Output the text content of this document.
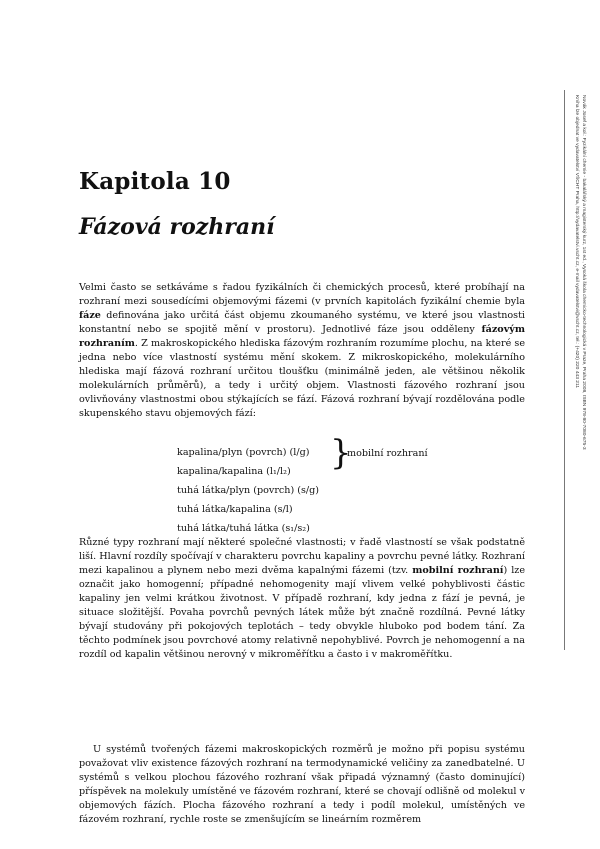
Novák Josef a kol.: Fyzikální chemie - bakalářský a magisterský kurz, 1st ed., Vysoká škola chemicko-technologická v Praze, Praha 2008, ISBN 978-80-7080-675-3
Kniha lze objednat ve vydavatelství VŠCHT Praha, http://vydavatelstvi.vscht.cz, e-mail vydavatelstvi@vscht.cz, tel.: (+420) 220 443 211
Kapitola 10
Fázová rozhraní
Velmi často se setkáváme s řadou fyzikálních či chemických procesů, které probíhají na rozhraní mezi sousedícími objemovými fázemi (v prvních kapitolách fyzikální chemie byla fáze definována jako určitá část objemu zkoumaného systému, ve které jsou vlastnosti konstantní nebo se spojitě mění v prostoru). Jednotlivé fáze jsou odděleny fázovým rozhraním. Z makroskopického hlediska fázovým rozhraním rozumíme plochu, na které se jedna nebo více vlastností systému mění skokem. Z mikroskopického, molekulárního hlediska mají fázová rozhraní určitou tloušťku (minimálně jeden, ale většinou několik molekulárních průměrů), a tedy i určitý objem. Vlastnosti fázového rozhraní jsou ovlivňovány vlastnostmi obou stýkajících se fází. Fázová rozhraní bývají rozdělována podle skupenského stavu objemových fází:
kapalina/plyn (povrch) (l/g)
kapalina/kapalina (l₁/l₂)
tuhá látka/plyn (povrch) (s/g)
tuhá látka/kapalina (s/l)
tuhá látka/tuhá látka (s₁/s₂)
}
mobilní rozhraní
Různé typy rozhraní mají některé společné vlastnosti; v řadě vlastností se však podstatně liší. Hlavní rozdíly spočívají v charakteru povrchu kapaliny a povrchu pevné látky. Rozhraní mezi kapalinou a plynem nebo mezi dvěma kapalnými fázemi (tzv. mobilní rozhraní) lze označit jako homogenní; případné nehomogenity mají vlivem velké pohyblivosti částic kapaliny jen velmi krátkou životnost. V případě rozhraní, kdy jedna z fází je pevná, je situace složitější. Povaha povrchů pevných látek může být značně rozdílná. Pevné látky bývají studovány při pokojových teplotách – tedy obvykle hluboko pod bodem tání. Za těchto podmínek jsou povrchové atomy relativně nepohyblivé. Povrch je nehomogenní a na rozdíl od kapalin většinou nerovný v mikroměřítku a často i v makroměřítku.
U systémů tvořených fázemi makroskopických rozměrů je možno při popisu systému považovat vliv existence fázových rozhraní na termodynamické veličiny za zanedbatelné. U systémů s velkou plochou fázového rozhraní však připadá významný (často dominující) příspěvek na molekuly umístěné ve fázovém rozhraní, které se chovají odlišně od molekul v objemových fázích. Plocha fázového rozhraní a tedy i podíl molekul, umístěných ve fázovém rozhraní, rychle roste se zmenšujícím se lineárním rozměrem
